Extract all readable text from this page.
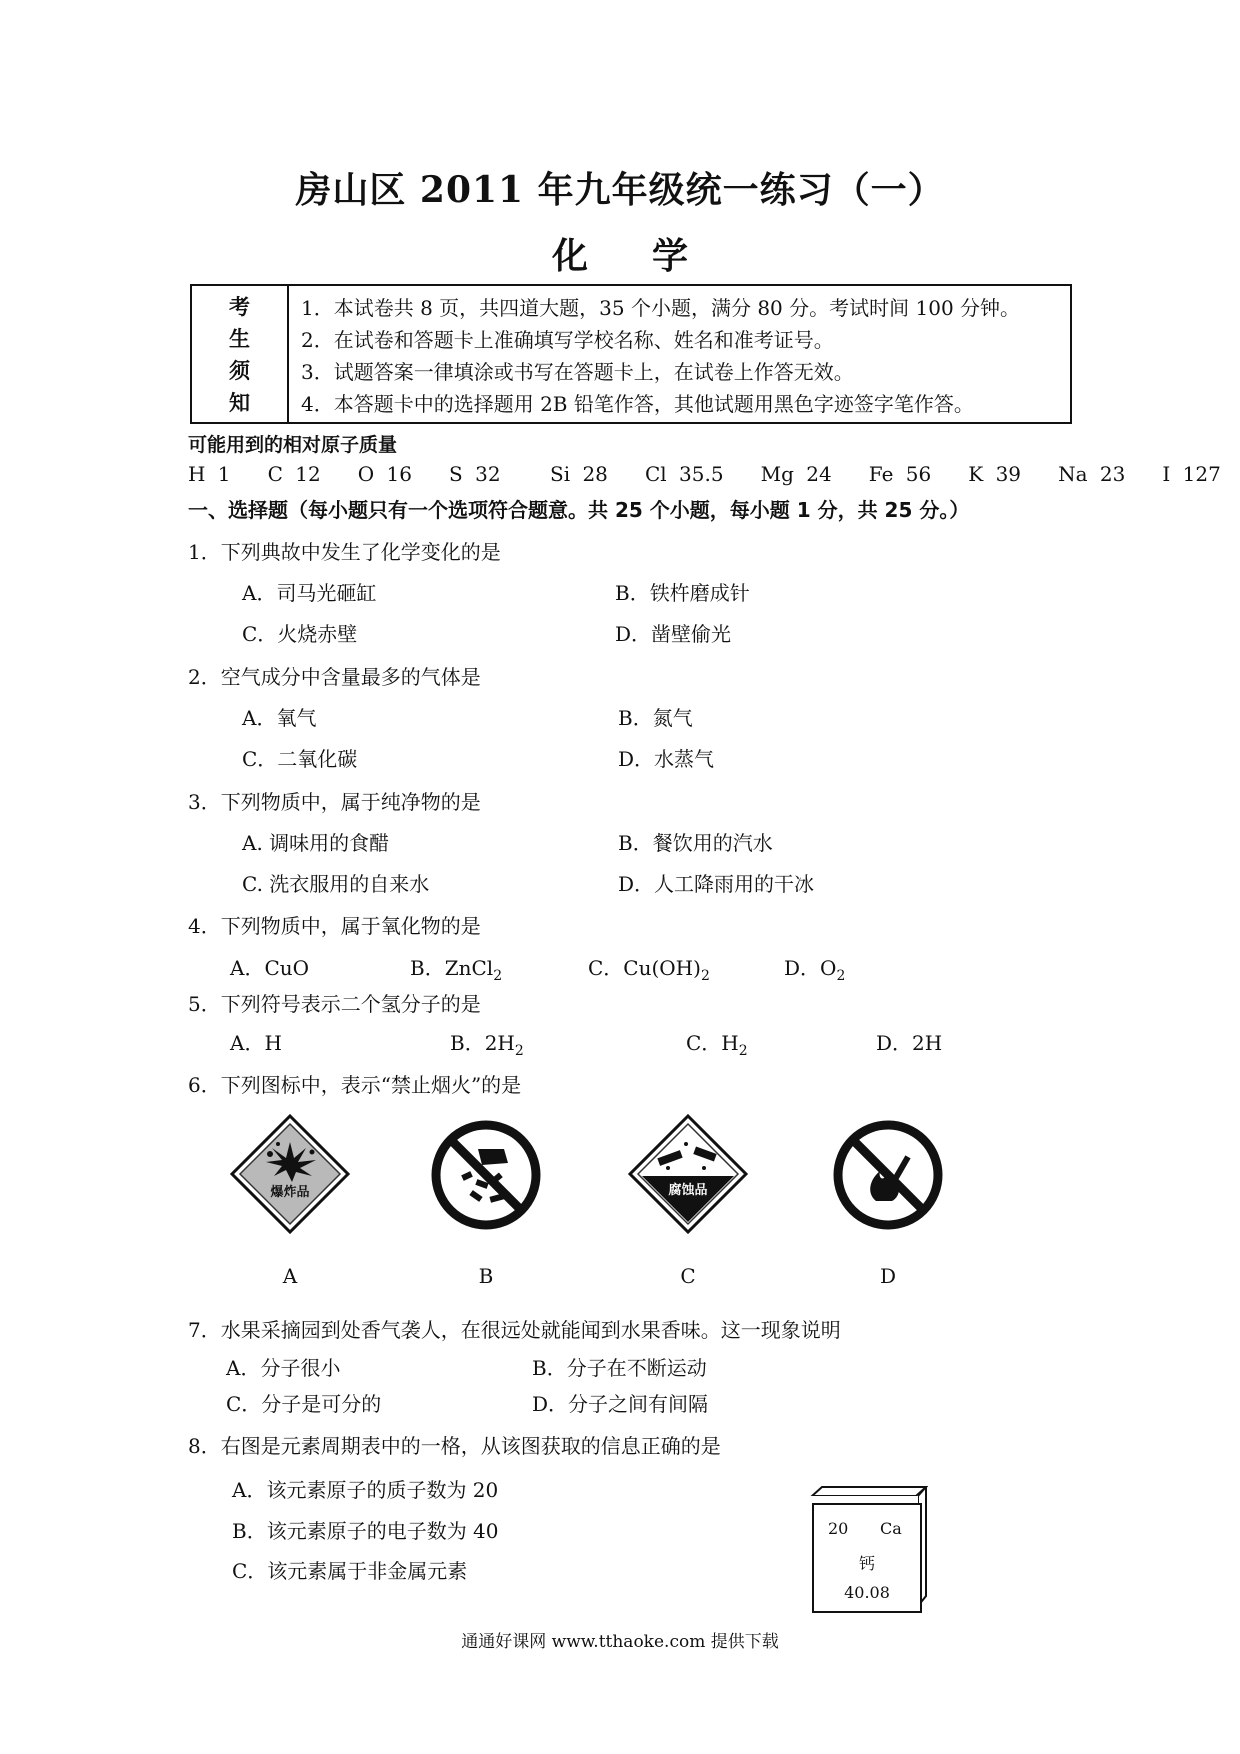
房山区 2011 年九年级统一练习（一）
化学
考
生
须
知
1．本试卷共 8 页，共四道大题，35 个小题，满分 80 分。考试时间 100 分钟。
2．在试卷和答题卡上准确填写学校名称、姓名和准考证号。
3．试题答案一律填涂或书写在答题卡上，在试卷上作答无效。
4．本答题卡中的选择题用 2B 铅笔作答，其他试题用黑色字迹签字笔作答。
可能用到的相对原子质量
H 1   C 12   O 16   S 32    Si 28   Cl 35.5   Mg 24   Fe 56   K 39   Na 23   I 127
一、选择题（每小题只有一个选项符合题意。共 25 个小题，每小题 1 分，共 25 分。）
1．下列典故中发生了化学变化的是
A．司马光砸缸	B．铁杵磨成针
C．火烧赤壁	D．凿壁偷光
2．空气成分中含量最多的气体是
A．氧气	B．氮气
C．二氧化碳	D．水蒸气
3．下列物质中，属于纯净物的是
A. 调味用的食醋	B．餐饮用的汽水
C. 洗衣服用的自来水	D．人工降雨用的干冰
4．下列物质中，属于氧化物的是
A．CuO	B．ZnCl$_2$	C．$Cu(OH)_2$	D．$O_2$
5．下列符号表示二个氢分子的是
A．H	B．$2H_2$	C．$H_2$	D．2H
6．下列图标中，表示“禁止烟火”的是
爆炸品	腐蚀品
A	B	C	D
7．水果采摘园到处香气袭人，在很远处就能闻到水果香味。这一现象说明
A．分子很小	B．分子在不断运动
C．分子是可分的	D．分子之间有间隔
8．右图是元素周期表中的一格，从该图获取的信息正确的是
A．该元素原子的质子数为 20
B．该元素原子的电子数为 40
C．该元素属于非金属元素
20 Ca
钙
40.08
通通好课网 www.tthaoke.com 提供下载
